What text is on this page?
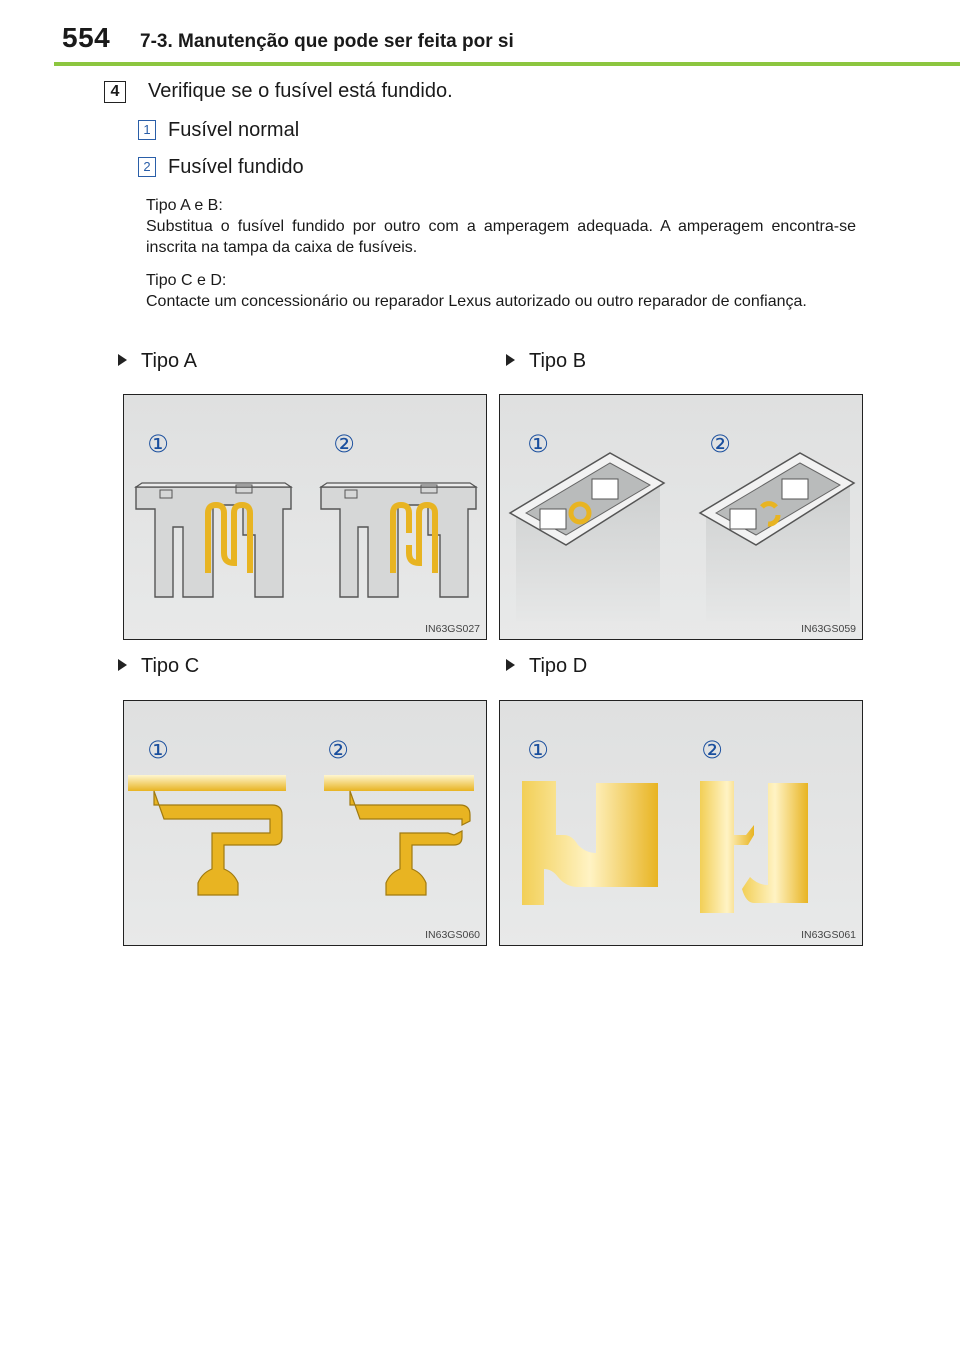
554 7-3. Manutenção que pode ser feita por si
4	Verifique se o fusível está fundido.
1 Fusível normal
2 Fusível fundido
Tipo A e B:
Substitua o fusível fundido por outro com a amperagem adequada. A amperagem encontra-se inscrita na tampa da caixa de fusíveis.
Tipo C e D:
Contacte um concessionário ou reparador Lexus autorizado ou outro reparador de confiança.
Tipo A	Tipo B
Tipo C	Tipo D
①	②
IN63GS027
①	②
IN63GS059
①	②
IN63GS060
①	②
IN63GS061
